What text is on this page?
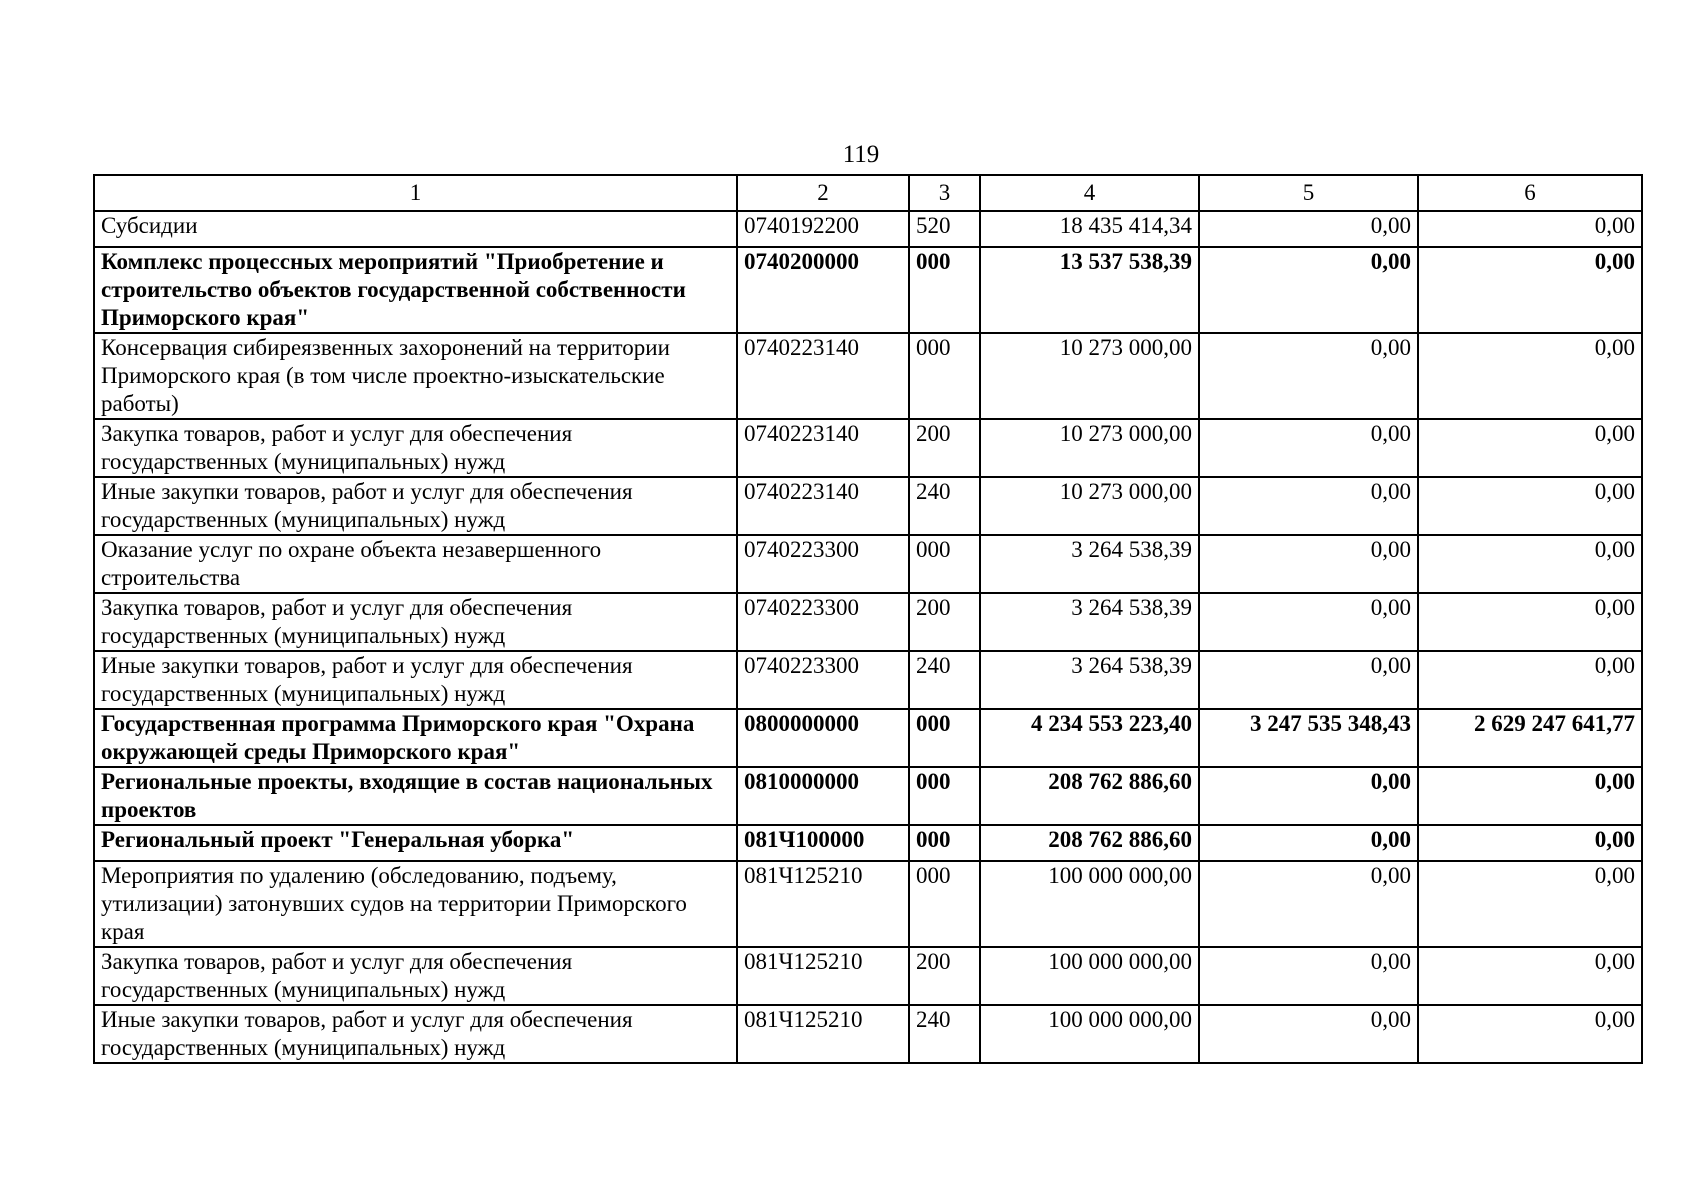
119
1	2	3	4	5	6
Субсидии	0740192200	520	18 435 414,34	0,00	0,00
Комплекс процессных мероприятий "Приобретение и строительство объектов государственной собственности Приморского края"	0740200000	000	13 537 538,39	0,00	0,00
Консервация сибиреязвенных захоронений на территории Приморского края (в том числе проектно-изыскательские работы)	0740223140	000	10 273 000,00	0,00	0,00
Закупка товаров, работ и услуг для обеспечения государственных (муниципальных) нужд	0740223140	200	10 273 000,00	0,00	0,00
Иные закупки товаров, работ и услуг для обеспечения государственных (муниципальных) нужд	0740223140	240	10 273 000,00	0,00	0,00
Оказание услуг по охране объекта незавершенного строительства	0740223300	000	3 264 538,39	0,00	0,00
Закупка товаров, работ и услуг для обеспечения государственных (муниципальных) нужд	0740223300	200	3 264 538,39	0,00	0,00
Иные закупки товаров, работ и услуг для обеспечения государственных (муниципальных) нужд	0740223300	240	3 264 538,39	0,00	0,00
Государственная программа Приморского края "Охрана окружающей среды Приморского края"	0800000000	000	4 234 553 223,40	3 247 535 348,43	2 629 247 641,77
Региональные проекты, входящие в состав национальных проектов	0810000000	000	208 762 886,60	0,00	0,00
Региональный проект "Генеральная уборка"	081Ч100000	000	208 762 886,60	0,00	0,00
Мероприятия по удалению (обследованию, подъему, утилизации) затонувших судов на территории Приморского края	081Ч125210	000	100 000 000,00	0,00	0,00
Закупка товаров, работ и услуг для обеспечения государственных (муниципальных) нужд	081Ч125210	200	100 000 000,00	0,00	0,00
Иные закупки товаров, работ и услуг для обеспечения государственных (муниципальных) нужд	081Ч125210	240	100 000 000,00	0,00	0,00
